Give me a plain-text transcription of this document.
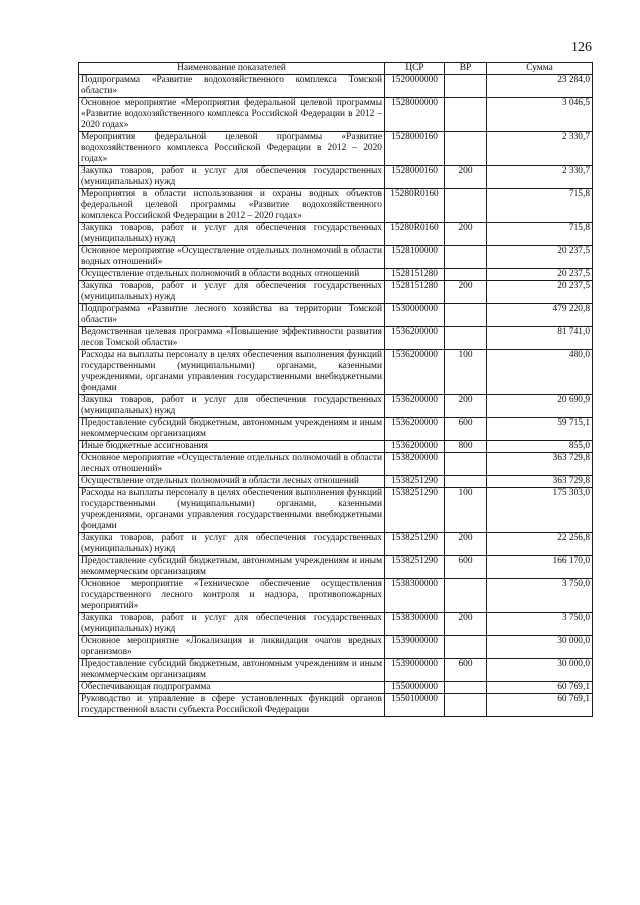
126
Наименование показателей	ЦСР	ВР	Сумма
Подпрограмма «Развитие водохозяйственного комплекса Томской области»	1520000000		23 284,0
Основное мероприятие «Мероприятия федеральной целевой программы «Развитие водохозяйственного комплекса Российской Федерации в 2012 – 2020 годах»	1528000000		3 046,5
Мероприятия федеральной целевой программы «Развитие водохозяйственного комплекса Российской Федерации в 2012 – 2020 годах»	1528000160		2 330,7
Закупка товаров, работ и услуг для обеспечения государственных (муниципальных) нужд	1528000160	200	2 330,7
Мероприятия в области использования и охраны водных объектов федеральной целевой программы «Развитие водохозяйственного комплекса Российской Федерации в 2012 – 2020 годах»	15280R0160		715,8
Закупка товаров, работ и услуг для обеспечения государственных (муниципальных) нужд	15280R0160	200	715,8
Основное мероприятие «Осуществление отдельных полномочий в области водных отношений»	1528100000		20 237,5
Осуществление отдельных полномочий в области водных отношений	1528151280		20 237,5
Закупка товаров, работ и услуг для обеспечения государственных (муниципальных) нужд	1528151280	200	20 237,5
Подпрограмма «Развитие лесного хозяйства на территории Томской области»	1530000000		479 220,8
Ведомственная целевая программа «Повышение эффективности развития лесов Томской области»	1536200000		81 741,0
Расходы на выплаты персоналу в целях обеспечения выполнения функций государственными (муниципальными) органами, казенными учреждениями, органами управления государственными внебюджетными фондами	1536200000	100	480,0
Закупка товаров, работ и услуг для обеспечения государственных (муниципальных) нужд	1536200000	200	20 690,9
Предоставление субсидий бюджетным, автономным учреждениям и иным некоммерческим организациям	1536200000	600	59 715,1
Иные бюджетные ассигнования	1536200000	800	855,0
Основное мероприятие «Осуществление отдельных полномочий в области лесных отношений»	1538200000		363 729,8
Осуществление отдельных полномочий в области лесных отношений	1538251290		363 729,8
Расходы на выплаты персоналу в целях обеспечения выполнения функций государственными (муниципальными) органами, казенными учреждениями, органами управления государственными внебюджетными фондами	1538251290	100	175 303,0
Закупка товаров, работ и услуг для обеспечения государственных (муниципальных) нужд	1538251290	200	22 256,8
Предоставление субсидий бюджетным, автономным учреждениям и иным некоммерческим организациям	1538251290	600	166 170,0
Основное мероприятие «Техническое обеспечение осуществления государственного лесного контроля и надзора, противопожарных мероприятий»	1538300000		3 750,0
Закупка товаров, работ и услуг для обеспечения государственных (муниципальных) нужд	1538300000	200	3 750,0
Основное мероприятие «Локализация и ликвидация очагов вредных организмов»	1539000000		30 000,0
Предоставление субсидий бюджетным, автономным учреждениям и иным некоммерческим организациям	1539000000	600	30 000,0
Обеспечивающая подпрограмма	1550000000		60 769,1
Руководство и управление в сфере установленных функций органов государственной власти субъекта Российской Федерации	1550100000		60 769,1
